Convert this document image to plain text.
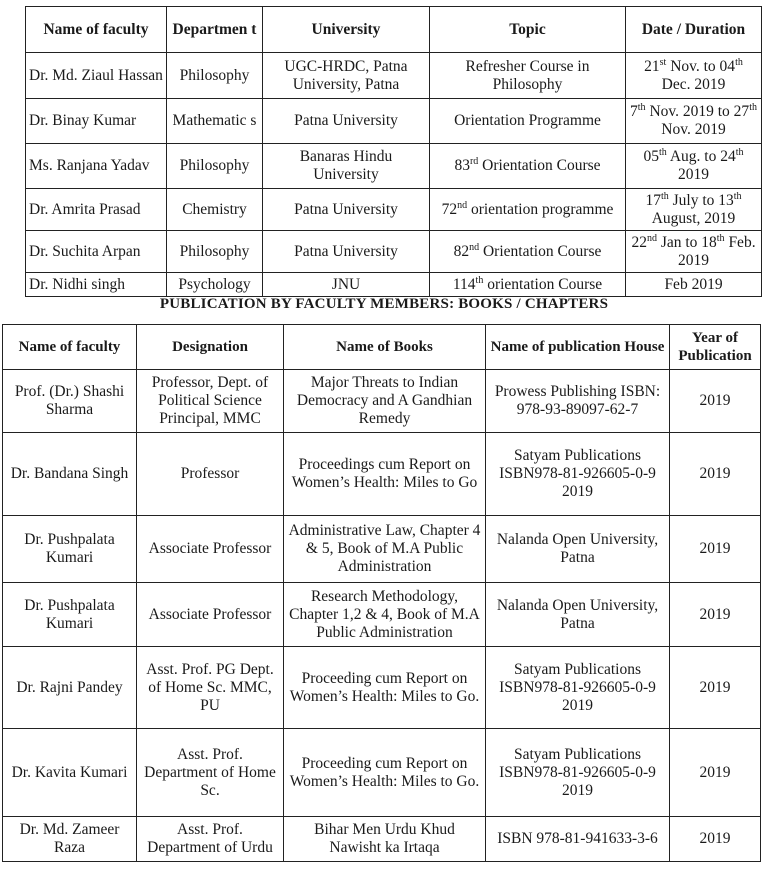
Name of faculty	Departmen t	University	Topic	Date / Duration
Dr. Md. Ziaul Hassan	Philosophy	UGC-HRDC, Patna University, Patna	Refresher Course in Philosophy	21st Nov. to 04th Dec. 2019
Dr. Binay Kumar	Mathematic s	Patna University	Orientation Programme	7th Nov. 2019 to 27th Nov. 2019
Ms. Ranjana Yadav	Philosophy	Banaras Hindu University	83rd Orientation Course	05th Aug. to 24th 2019
Dr. Amrita Prasad	Chemistry	Patna University	72nd orientation programme	17th July to 13th August, 2019
Dr. Suchita Arpan	Philosophy	Patna University	82nd Orientation Course	22nd Jan to 18th Feb. 2019
Dr. Nidhi singh	Psychology	JNU	114th orientation Course	Feb 2019
PUBLICATION BY FACULTY MEMBERS: BOOKS / CHAPTERS
Name of faculty	Designation	Name of Books	Name of publication House	Year of Publication
Prof. (Dr.) Shashi Sharma	Professor, Dept. of Political Science Principal, MMC	Major Threats to Indian Democracy and A Gandhian Remedy	Prowess Publishing ISBN: 978-93-89097-62-7	2019
Dr. Bandana Singh	Professor	Proceedings cum Report on Women’s Health: Miles to Go	Satyam Publications ISBN978-81-926605-0-9 2019	2019
Dr. Pushpalata Kumari	Associate Professor	Administrative Law, Chapter 4 & 5, Book of M.A Public Administration	Nalanda Open University, Patna	2019
Dr. Pushpalata Kumari	Associate Professor	Research Methodology, Chapter 1,2 & 4, Book of M.A Public Administration	Nalanda Open University, Patna	2019
Dr. Rajni Pandey	Asst. Prof. PG Dept. of Home Sc. MMC, PU	Proceeding cum Report on Women’s Health: Miles to Go.	Satyam Publications ISBN978-81-926605-0-9 2019	2019
Dr. Kavita Kumari	Asst. Prof. Department of Home Sc.	Proceeding cum Report on Women’s Health: Miles to Go.	Satyam Publications ISBN978-81-926605-0-9 2019	2019
Dr. Md. Zameer Raza	Asst. Prof. Department of Urdu	Bihar Men Urdu Khud Nawisht ka Irtaqa	ISBN 978-81-941633-3-6	2019
